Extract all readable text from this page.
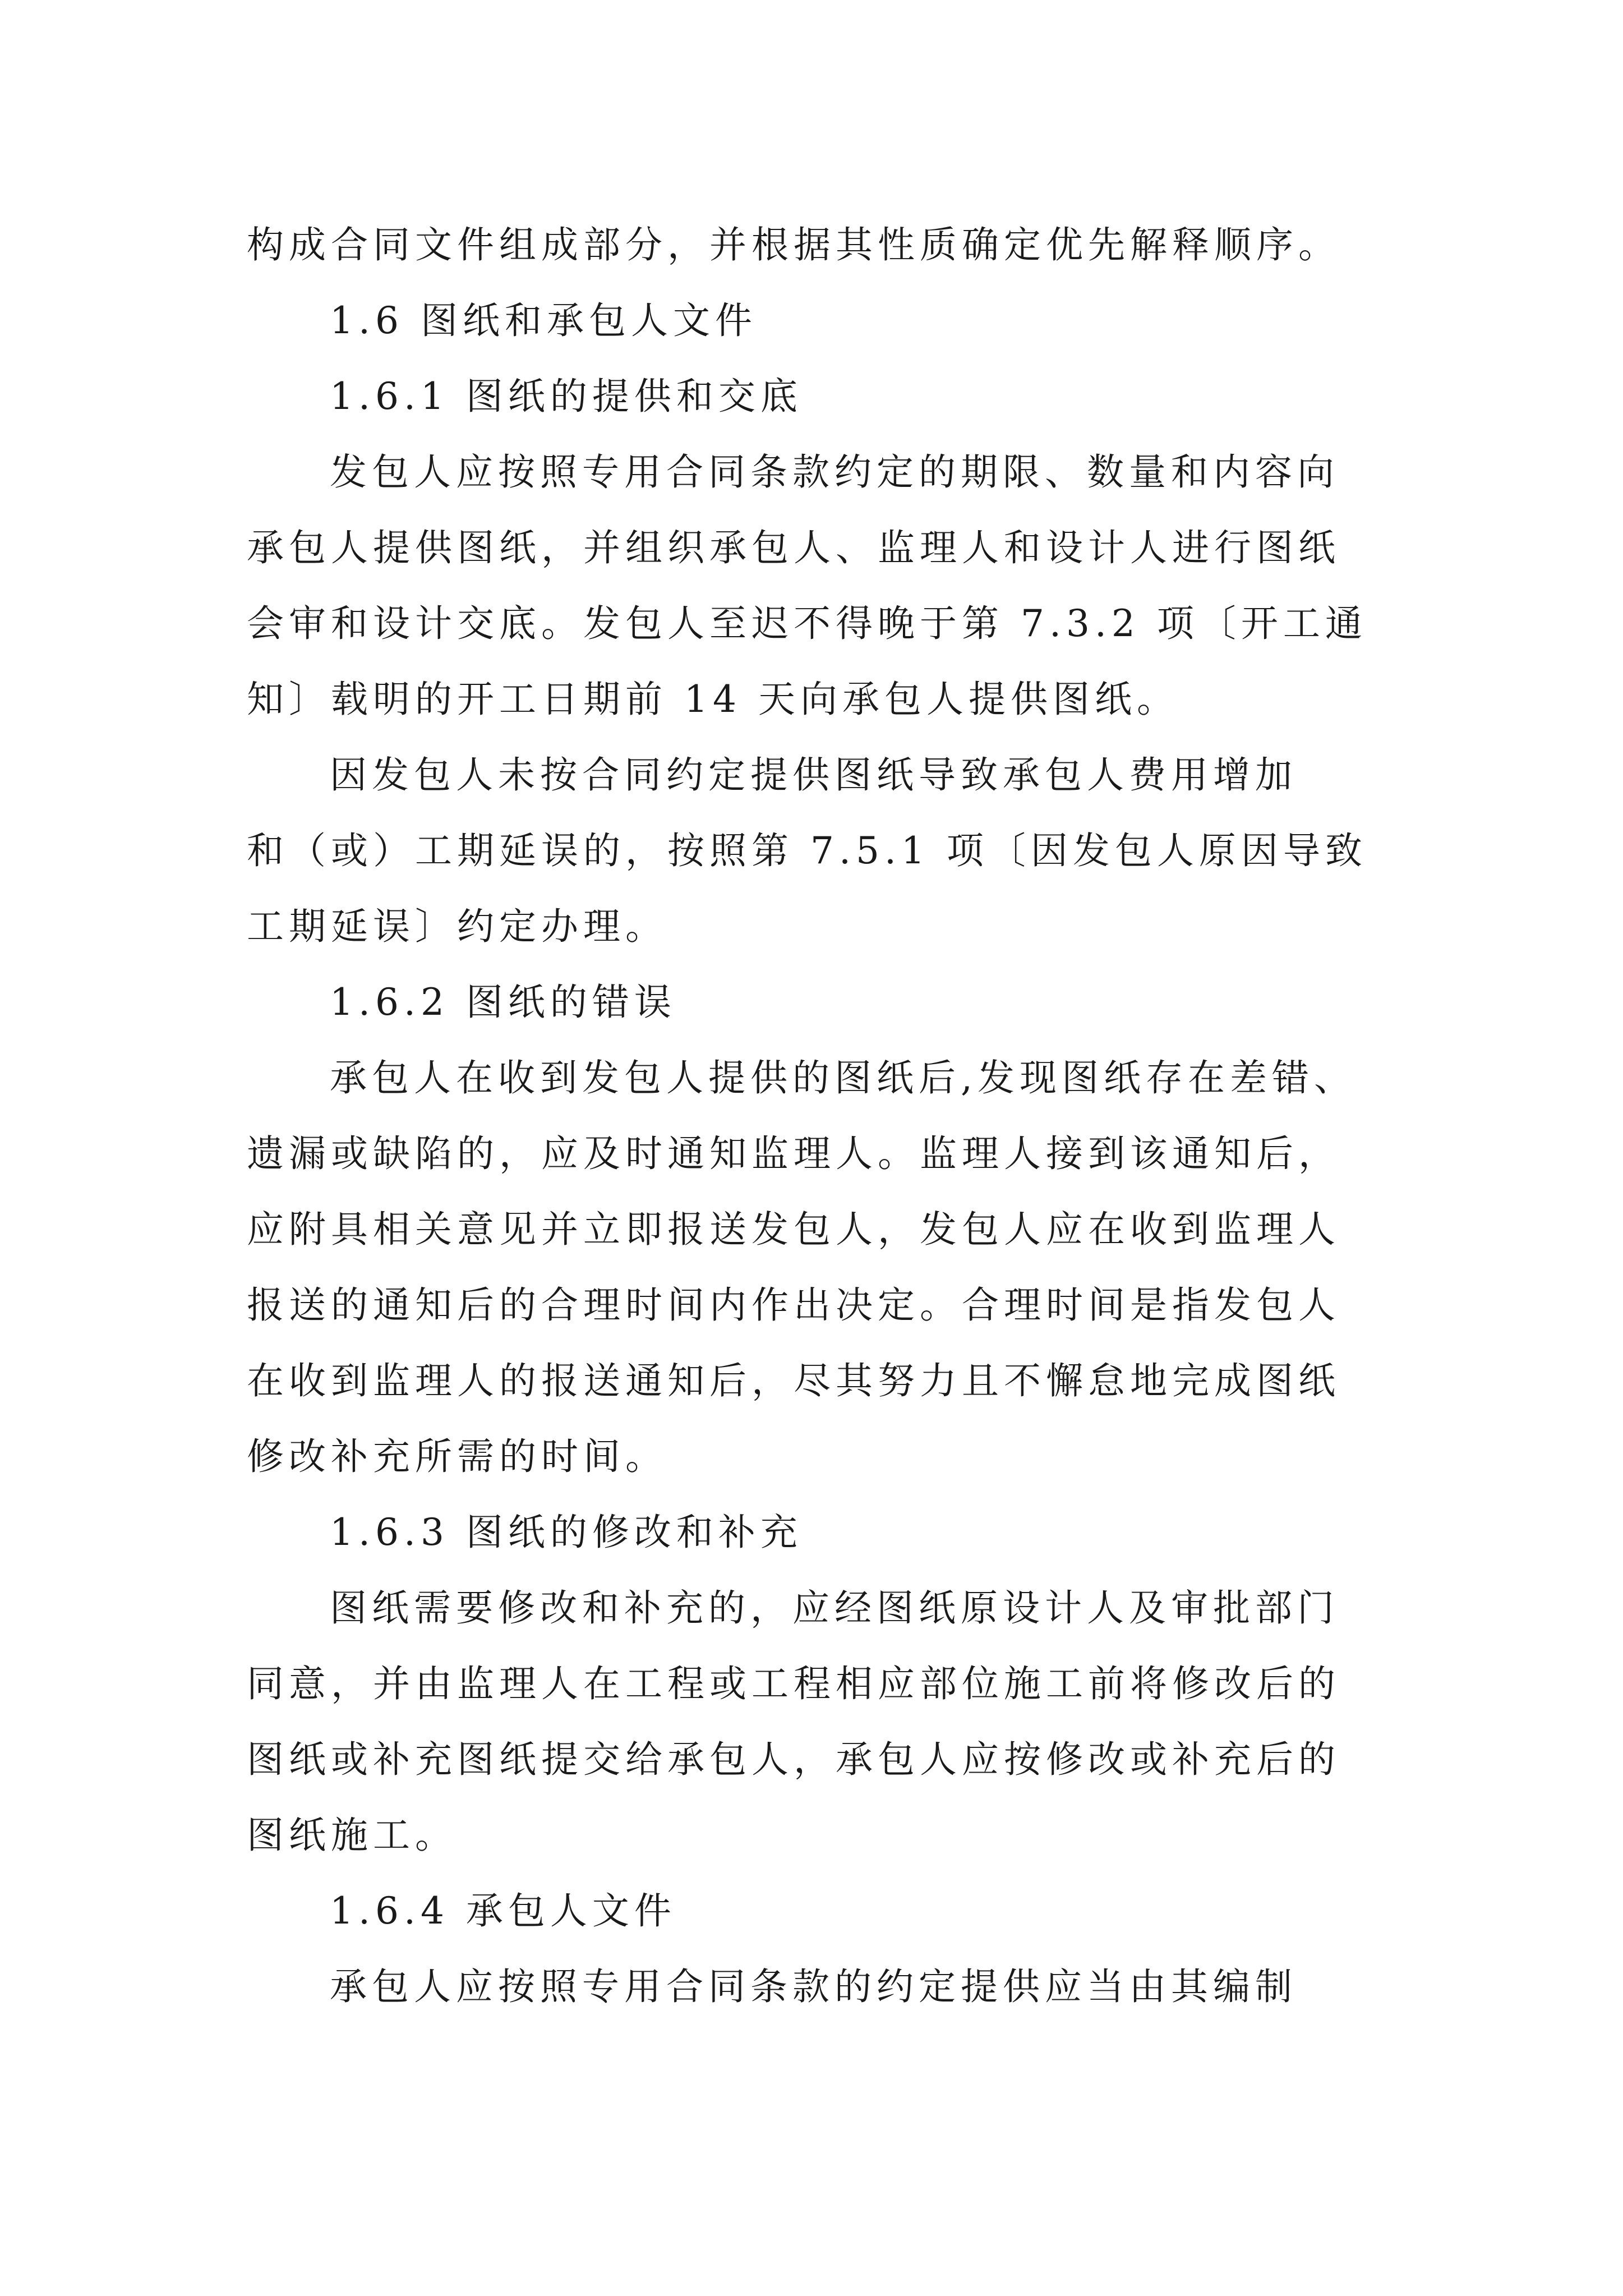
构成合同文件组成部分，并根据其性质确定优先解释顺序。
1.6 图纸和承包人文件
1.6.1 图纸的提供和交底
发包人应按照专用合同条款约定的期限、数量和内容向
承包人提供图纸，并组织承包人、监理人和设计人进行图纸
会审和设计交底。发包人至迟不得晚于第 7.3.2 项〔开工通
知〕载明的开工日期前 14 天向承包人提供图纸。
因发包人未按合同约定提供图纸导致承包人费用增加
和（或）工期延误的，按照第 7.5.1 项〔因发包人原因导致
工期延误〕约定办理。
1.6.2 图纸的错误
承包人在收到发包人提供的图纸后,发现图纸存在差错、
遗漏或缺陷的，应及时通知监理人。监理人接到该通知后，
应附具相关意见并立即报送发包人，发包人应在收到监理人
报送的通知后的合理时间内作出决定。合理时间是指发包人
在收到监理人的报送通知后，尽其努力且不懈怠地完成图纸
修改补充所需的时间。
1.6.3 图纸的修改和补充
图纸需要修改和补充的，应经图纸原设计人及审批部门
同意，并由监理人在工程或工程相应部位施工前将修改后的
图纸或补充图纸提交给承包人，承包人应按修改或补充后的
图纸施工。
1.6.4 承包人文件
承包人应按照专用合同条款的约定提供应当由其编制
